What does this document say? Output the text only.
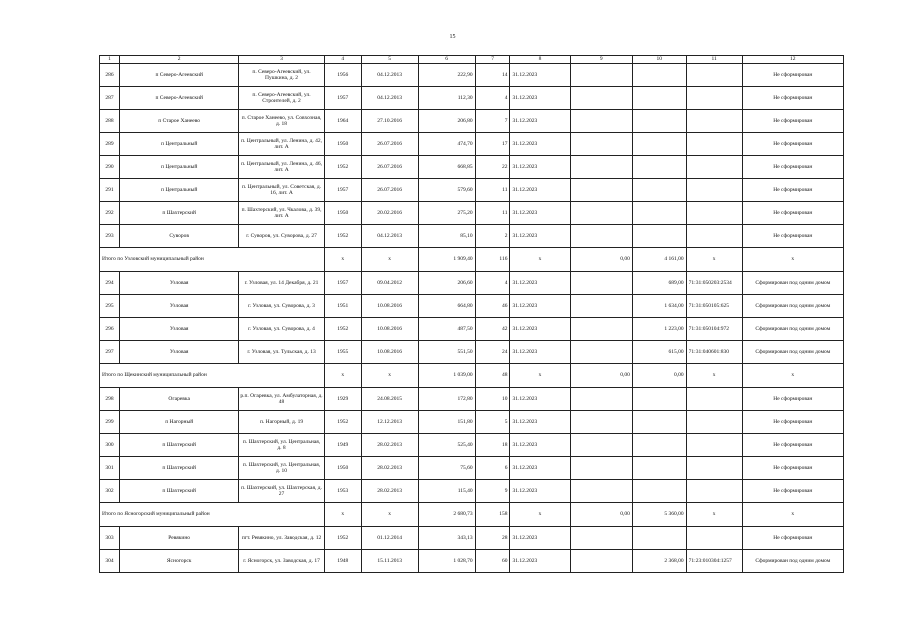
15
1	2	3	4	5	6	7	8	9	10	11	12
286	п Северо-Агеевский	п. Северо-Агеевский, ул. Пушкина, д. 2	1956	04.12.2013	222,90	14	31.12.2023				Не сформирован
287	п Северо-Агеевский	п. Северо-Агеевский, ул. Строителей, д. 2	1957	04.12.2013	112,30	4	31.12.2023				Не сформирован
288	п Старое Ханеево	п. Старое Ханеево, ул. Совхозная, д. 18	1964	27.10.2016	206,80	7	31.12.2023				Не сформирован
289	п Центральный	п. Центральный, ул. Ленина, д. 42, лит. А	1950	26.07.2016	474,70	17	31.12.2023				Не сформирован
290	п Центральный	п. Центральный, ул. Ленина, д. 46, лит. А	1952	26.07.2016	668,85	22	31.12.2023				Не сформирован
291	п Центральный	п. Центральный, ул. Советская, д. 16, лит. А	1957	26.07.2016	579,60	11	31.12.2023				Не сформирован
292	п Шахтерский	п. Шахтерский, ул. Чкалова, д. 39, лит. А	1950	20.02.2016	275,20	11	31.12.2023				Не сформирован
293	Суворов	г. Суворов, ул. Суворова, д. 27	1952	04.12.2013	85,10	2	31.12.2023				Не сформирован
Итого по Узловский муниципальный район			x	x	1 909,40	116	x	0,00	4 161,00	x	x
294	Узловая	г. Узловая, ул. 14 Декабря, д. 21	1957	09.04.2012	206,60	4	31.12.2023		689,00	71:31:050203:2534	Сформирован под одним домом
295	Узловая	г. Узловая, ул. Суворова, д. 3	1951	10.08.2016	664,80	46	31.12.2023		1 634,00	71:31:050105:625	Сформирован под одним домом
296	Узловая	г. Узловая, ул. Суворова, д. 4	1952	10.08.2016	487,50	42	31.12.2023		1 223,00	71:31:050104:972	Сформирован под одним домом
297	Узловая	г. Узловая, ул. Тульская, д. 13	1955	10.08.2016	551,50	24	31.12.2023		615,00	71:31:040601:830	Сформирован под одним домом
Итого по Щекинский муниципальный район			x	x	1 039,00	48	x	0,00	0,00	x	x
298	Огаревка	р.п. Огаревка, ул. Амбулаторная, д. 48	1929	24.08.2015	172,80	10	31.12.2023				Не сформирован
299	п Нагорный	п. Нагорный, д. 19	1952	12.12.2013	151,80	5	31.12.2023				Не сформирован
300	п Шахтерский	п. Шахтерский, ул. Центральная, д. 8	1949	28.02.2013	525,40	18	31.12.2023				Не сформирован
301	п Шахтерский	п. Шахтерский, ул. Центральная, д. 10	1950	28.02.2013	75,60	6	31.12.2023				Не сформирован
302	п Шахтерский	п. Шахтерский, ул. Шахтерская, д. 27	1953	28.02.2013	115,40	9	31.12.2023				Не сформирован
Итого по Ясногорский муниципальный район			x	x	2 680,73	158	x	0,00	5 360,00	x	x
303	Ревякино	пгт. Ревякино, ул. Заводская, д. 12	1952	01.12.2014	343,13	28	31.12.2023				Не сформирован
304	Ясногорск	г. Ясногорск, ул. Заводская, д. 17	1948	15.11.2013	1 028,70	60	31.12.2023		2 368,00	71:23:010304:1257	Сформирован под одним домом
